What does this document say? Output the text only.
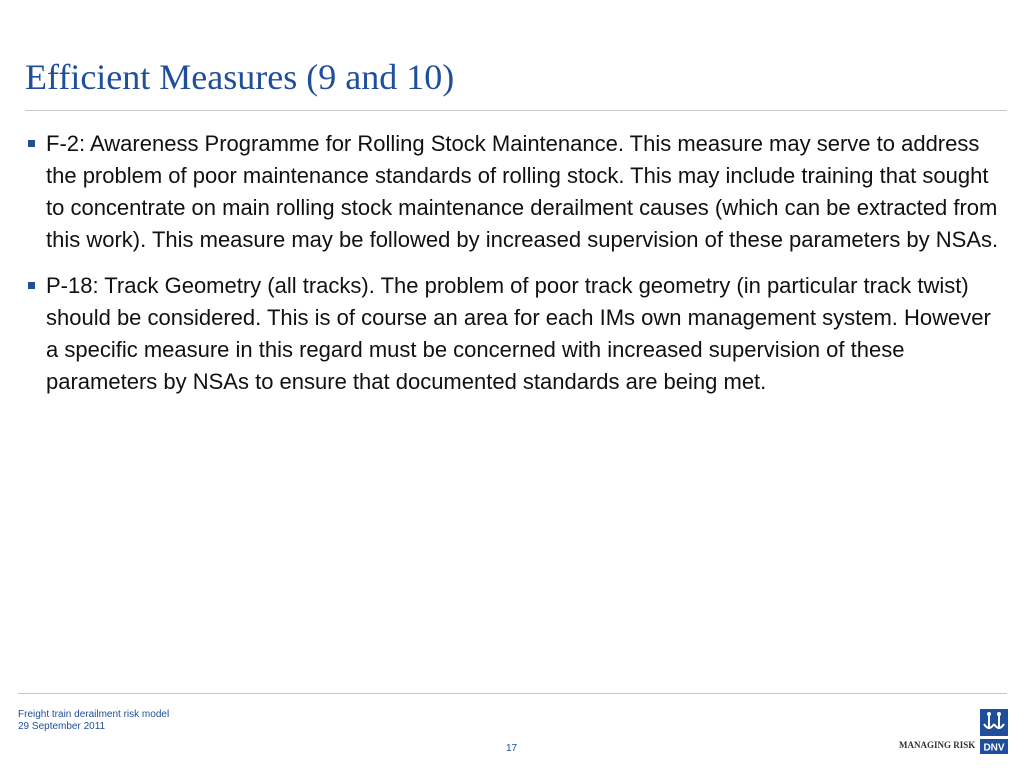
Efficient Measures (9 and 10)
F-2: Awareness Programme for Rolling Stock Maintenance. This measure may serve to address the problem of poor maintenance standards of rolling stock. This may include training that sought to concentrate on main rolling stock maintenance derailment causes (which can be extracted from this work). This measure may be followed by increased supervision of these parameters by NSAs.
P-18: Track Geometry (all tracks). The problem of poor track geometry (in particular track twist) should be considered. This is of course an area for each IMs own management system. However a specific measure in this regard must be concerned with increased supervision of these parameters by NSAs to ensure that documented standards are being met.
Freight train derailment risk model
29 September 2011
17	MANAGING RISK DNV
